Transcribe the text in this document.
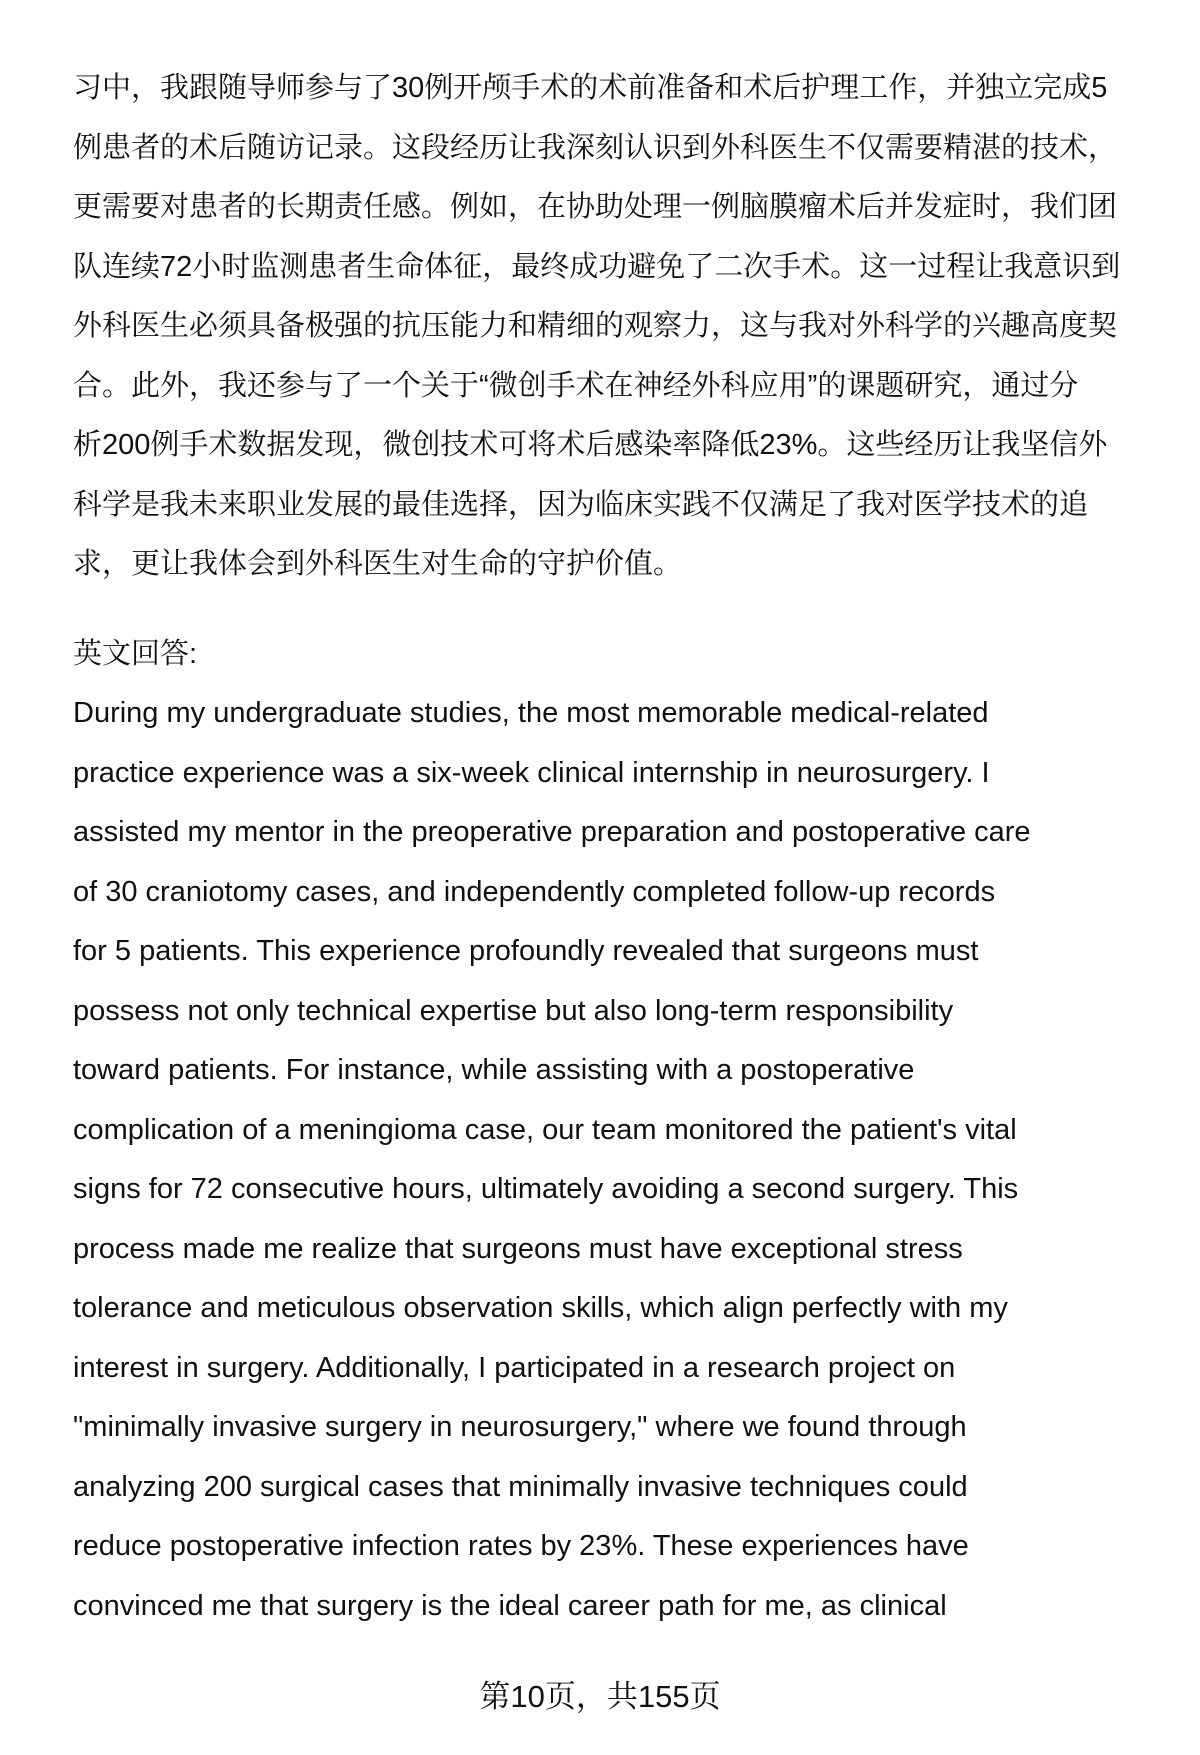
习中，我跟随导师参与了30例开颅手术的术前准备和术后护理工作，并独立完成5
例患者的术后随访记录。这段经历让我深刻认识到外科医生不仅需要精湛的技术，
更需要对患者的长期责任感。例如，在协助处理一例脑膜瘤术后并发症时，我们团
队连续72小时监测患者生命体征，最终成功避免了二次手术。这一过程让我意识到
外科医生必须具备极强的抗压能力和精细的观察力，这与我对外科学的兴趣高度契
合。此外，我还参与了一个关于“微创手术在神经外科应用”的课题研究，通过分
析200例手术数据发现，微创技术可将术后感染率降低23%。这些经历让我坚信外
科学是我未来职业发展的最佳选择，因为临床实践不仅满足了我对医学技术的追
求，更让我体会到外科医生对生命的守护价值。
英文回答:
During my undergraduate studies, the most memorable medical-related
practice experience was a six-week clinical internship in neurosurgery. I
assisted my mentor in the preoperative preparation and postoperative care
of 30 craniotomy cases, and independently completed follow-up records
for 5 patients. This experience profoundly revealed that surgeons must
possess not only technical expertise but also long-term responsibility
toward patients. For instance, while assisting with a postoperative
complication of a meningioma case, our team monitored the patient's vital
signs for 72 consecutive hours, ultimately avoiding a second surgery. This
process made me realize that surgeons must have exceptional stress
tolerance and meticulous observation skills, which align perfectly with my
interest in surgery. Additionally, I participated in a research project on
"minimally invasive surgery in neurosurgery," where we found through
analyzing 200 surgical cases that minimally invasive techniques could
reduce postoperative infection rates by 23%. These experiences have
convinced me that surgery is the ideal career path for me, as clinical
第10页，共155页
